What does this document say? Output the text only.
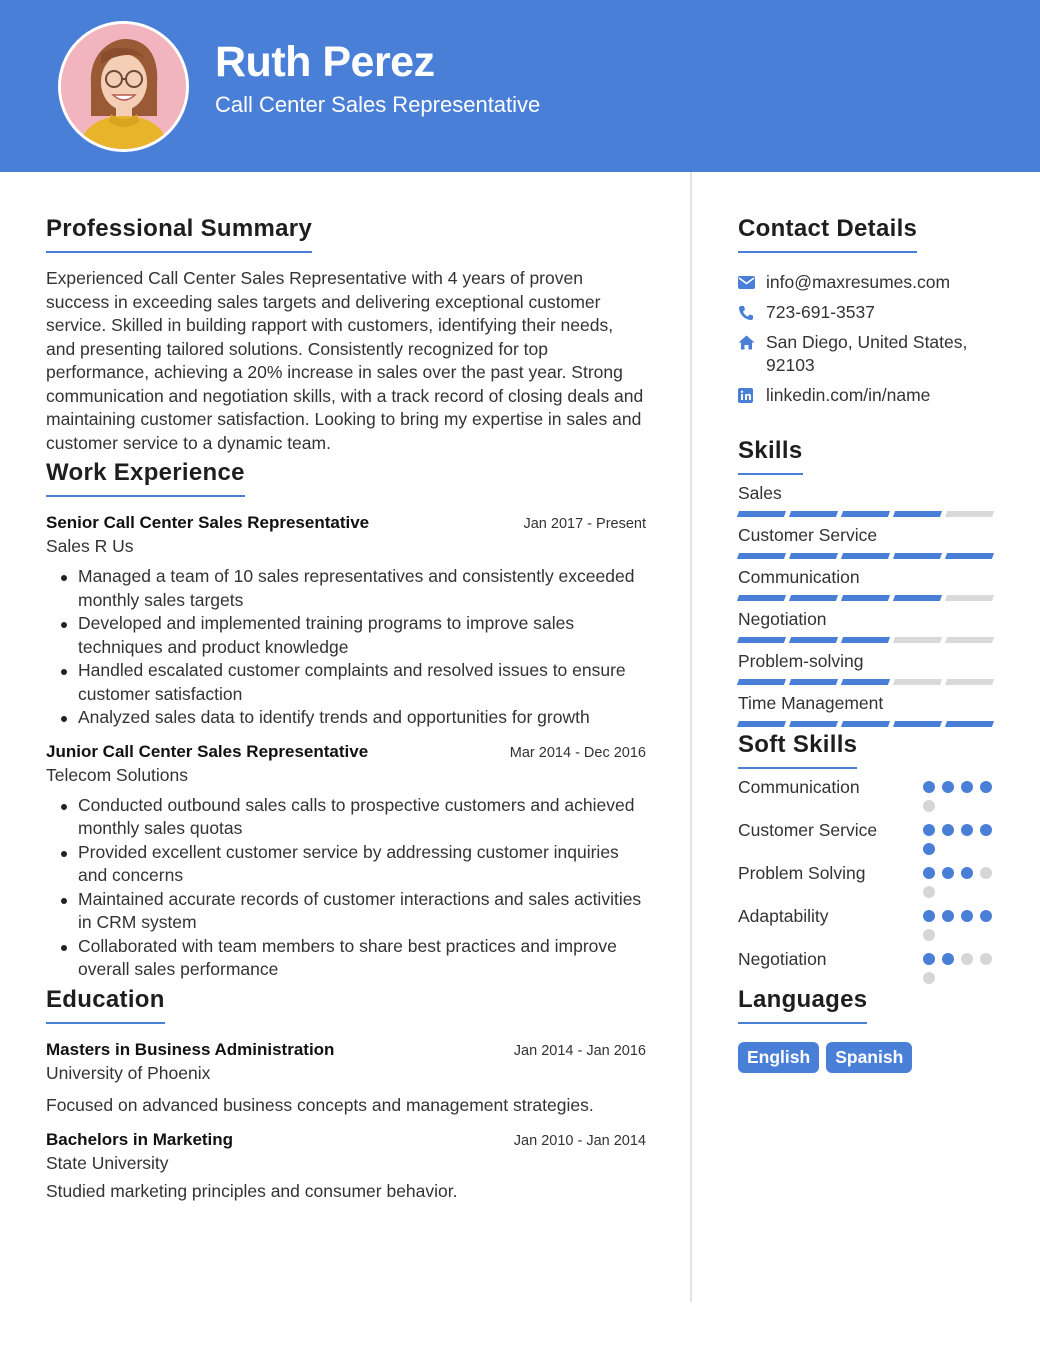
Ruth Perez
Call Center Sales Representative
Professional Summary

Experienced Call Center Sales Representative with 4 years of proven success in exceeding sales targets and delivering exceptional customer service. Skilled in building rapport with customers, identifying their needs, and presenting tailored solutions. Consistently recognized for top performance, achieving a 20% increase in sales over the past year. Strong communication and negotiation skills, with a track record of closing deals and maintaining customer satisfaction. Looking to bring my expertise in sales and customer service to a dynamic team.

Work Experience
Senior Call Center Sales Representative	Jan 2017 - Present
Sales R Us
Managed a team of 10 sales representatives and consistently exceeded monthly sales targets
Developed and implemented training programs to improve sales techniques and product knowledge
Handled escalated customer complaints and resolved issues to ensure customer satisfaction
Analyzed sales data to identify trends and opportunities for growth
Junior Call Center Sales Representative	Mar 2014 - Dec 2016
Telecom Solutions
Conducted outbound sales calls to prospective customers and achieved monthly sales quotas
Provided excellent customer service by addressing customer inquiries and concerns
Maintained accurate records of customer interactions and sales activities in CRM system
Collaborated with team members to share best practices and improve overall sales performance
Education
Masters in Business Administration	Jan 2014 - Jan 2016
University of Phoenix
Focused on advanced business concepts and management strategies.
Bachelors in Marketing	Jan 2010 - Jan 2014
State University
Studied marketing principles and consumer behavior.
Contact Details
info@maxresumes.com
723-691-3537
San Diego, United States, 92103
linkedin.com/in/name
Skills
Sales
Customer Service
Communication
Negotiation
Problem-solving
Time Management
Soft Skills
Communication
Customer Service
Problem Solving
Adaptability
Negotiation
Languages
English	Spanish
